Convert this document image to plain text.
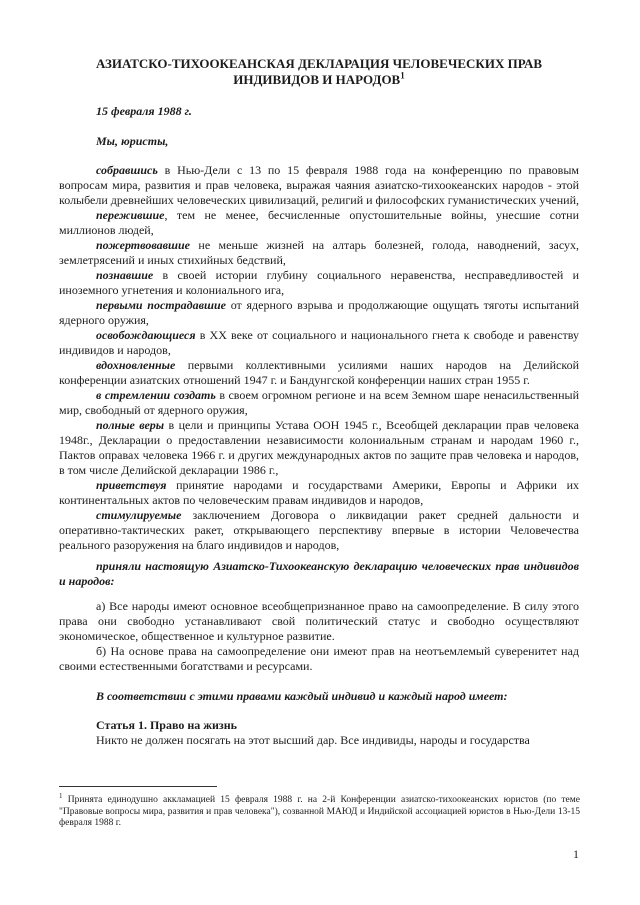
АЗИАТСКО-ТИХООКЕАНСКАЯ ДЕКЛАРАЦИЯ ЧЕЛОВЕЧЕСКИХ ПРАВ
ИНДИВИДОВ И НАРОДОВ$^1$

15 февраля 1988 г.

Мы, юристы,

собравшись в Нью-Дели с 13 по 15 февраля 1988 года на конференцию по правовым вопросам мира, развития и прав человека, выражая чаяния азиатско-тихоокеанских народов - этой колыбели древнейших человеческих цивилизаций, религий и философских гуманистических учений,

пережившие, тем не менее, бесчисленные опустошительные войны, унесшие сотни миллионов людей,

пожертвовавшие не меньше жизней на алтарь болезней, голода, наводнений, засух, землетрясений и иных стихийных бедствий,

познавшие в своей истории глубину социального неравенства, несправедливостей и иноземного угнетения и колониального ига,

первыми пострадавшие от ядерного взрыва и продолжающие ощущать тяготы испытаний ядерного оружия,

освобождающиеся в XX веке от социального и национального гнета к свободе и равенству индивидов и народов,

вдохновленные первыми коллективными усилиями наших народов на Делийской конференции азиатских отношений 1947 г. и Бандунгской конференции наших стран 1955 г.

в стремлении создать в своем огромном регионе и на всем Земном шаре ненасильственный мир, свободный от ядерного оружия,

полные веры в цели и принципы Устава ООН 1945 г., Всеобщей декларации прав человека 1948г., Декларации о предоставлении независимости колониальным странам и народам 1960 г., Пактов оправах человека 1966 г. и других международных актов по защите прав человека и народов, в том числе Делийской декларации 1986 г.,

приветствуя принятие народами и государствами Америки, Европы и Африки их континентальных актов по человеческим правам индивидов и народов,

стимулируемые заключением Договора о ликвидации ракет средней дальности и оперативно-тактических ракет, открывающего перспективу впервые в истории Человечества реального разоружения на благо индивидов и народов,

приняли настоящую Азиатско-Тихоокеанскую декларацию человеческих прав индивидов и народов:

а) Все народы имеют основное всеобщепризнанное право на самоопределение. В силу этого права они свободно устанавливают свой политический статус и свободно осуществляют экономическое, общественное и культурное развитие.

б) На основе права на самоопределение они имеют прав на неотъемлемый суверенитет над своими естественными богатствами и ресурсами.

В соответствии с этими правами каждый индивид и каждый народ имеет:

Статья 1. Право на жизнь

Никто не должен посягать на этот высший дар. Все индивиды, народы и государства

$^1$ Принята единодушно аккламацией 15 февраля 1988 г. на 2-й Конференции азиатско-тихоокеанских юристов (по теме "Правовые вопросы мира, развития и прав человека"), созванной МАЮД и Индийской ассоциацией юристов в Нью-Дели 13-15 февраля 1988 г.
1
